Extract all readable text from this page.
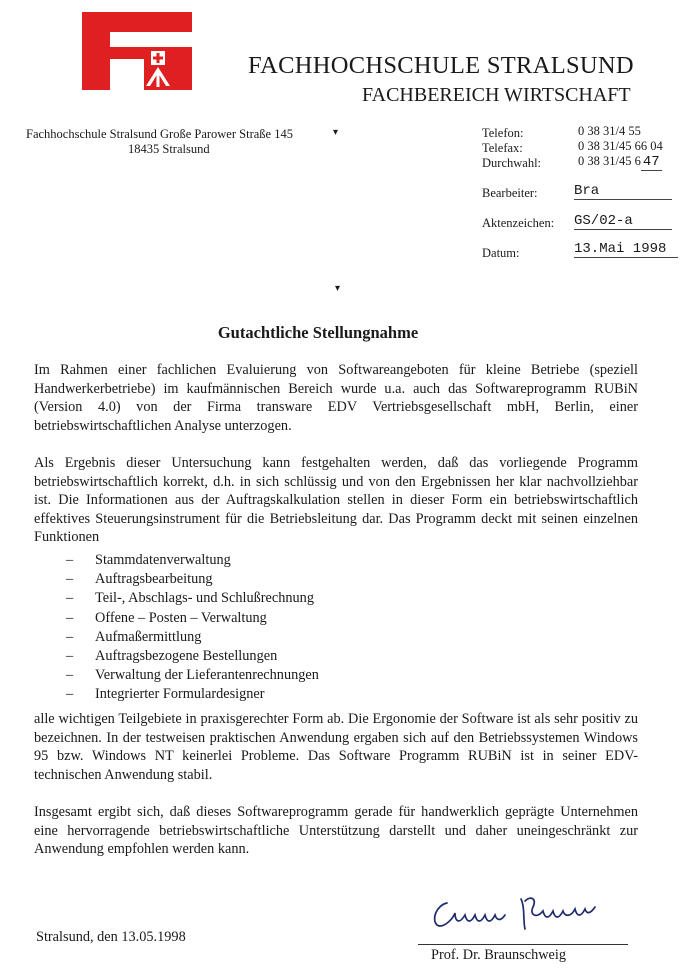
FACHHOCHSCHULE STRALSUND
FACHBEREICH WIRTSCHAFT
Fachhochschule Stralsund Große Parower Straße 145
18435 Stralsund
▾	Telefon:	0 38 31/4 55
Telefax:	0 38 31/45 66 04
Durchwahl:	0 38 31/45 6 47
Bearbeiter:	Bra
Aktenzeichen: GS/02-a
Datum:	13.Mai 1998
▾
Gutachtliche Stellungnahme
Im Rahmen einer fachlichen Evaluierung von Softwareangeboten für kleine Betriebe (speziell Handwerkerbetriebe) im kaufmännischen Bereich wurde u.a. auch das Softwareprogramm RUBiN (Version 4.0) von der Firma transware EDV Vertriebsgesellschaft mbH, Berlin, einer betriebswirtschaftlichen Analyse unterzogen.
Als Ergebnis dieser Untersuchung kann festgehalten werden, daß das vorliegende Programm betriebswirtschaftlich korrekt, d.h. in sich schlüssig und von den Ergebnissen her klar nachvollziehbar ist. Die Informationen aus der Auftragskalkulation stellen in dieser Form ein betriebswirtschaftlich effektives Steuerungsinstrument für die Betriebsleitung dar. Das Programm deckt mit seinen einzelnen Funktionen
– Stammdatenverwaltung
– Auftragsbearbeitung
– Teil-, Abschlags- und Schlußrechnung
– Offene – Posten – Verwaltung
– Aufmaßermittlung
– Auftragsbezogene Bestellungen
– Verwaltung der Lieferantenrechnungen
– Integrierter Formulardesigner
alle wichtigen Teilgebiete in praxisgerechter Form ab. Die Ergonomie der Software ist als sehr positiv zu bezeichnen. In der testweisen praktischen Anwendung ergaben sich auf den Betriebssystemen Windows 95 bzw. Windows NT keinerlei Probleme. Das Software Programm RUBiN ist in seiner EDV-technischen Anwendung stabil.
Insgesamt ergibt sich, daß dieses Softwareprogramm gerade für handwerklich geprägte Unternehmen eine hervorragende betriebswirtschaftliche Unterstützung darstellt und daher uneingeschränkt zur Anwendung empfohlen werden kann.
Stralsund, den 13.05.1998
Prof. Dr. Braunschweig
